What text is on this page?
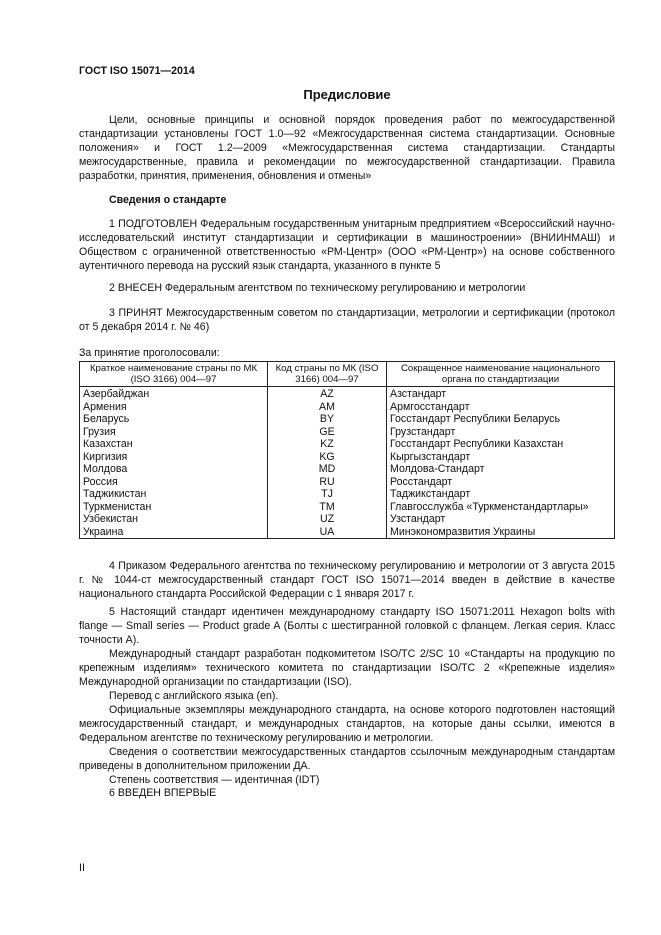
ГОСТ ISO 15071—2014
Предисловие

Цели, основные принципы и основной порядок проведения работ по межгосударственной стандартизации установлены ГОСТ 1.0—92 «Межгосударственная система стандартизации. Основные положения» и ГОСТ 1.2—2009 «Межгосударственная система стандартизации. Стандарты межгосударственные, правила и рекомендации по межгосударственной стандартизации. Правила разработки, принятия, применения, обновления и отмены»

Сведения о стандарте

1 ПОДГОТОВЛЕН Федеральным государственным унитарным предприятием «Всероссийский научно-исследовательский институт стандартизации и сертификации в машиностроении» (ВНИИНМАШ) и Обществом с ограниченной ответственностью «РМ-Центр» (ООО «РМ-Центр») на основе собственного аутентичного перевода на русский язык стандарта, указанного в пункте 5

2 ВНЕСЕН Федеральным агентством по техническому регулированию и метрологии

3 ПРИНЯТ Межгосударственным советом по стандартизации, метрологии и сертификации (протокол от 5 декабря 2014 г. № 46)

За принятие проголосовали:
Краткое наименование страны по МК (ISO 3166) 004—97	Код страны по МК (ISO 3166) 004—97	Сокращенное наименование национального органа по стандартизации
Азербайджан	AZ	Азстандарт
Армения	AM	Армгосстандарт
Беларусь	BY	Госстандарт Республики Беларусь
Грузия	GE	Грузстандарт
Казахстан	KZ	Госстандарт Республики Казахстан
Киргизия	KG	Кыргызстандарт
Молдова	MD	Молдова-Стандарт
Россия	RU	Росстандарт
Таджикистан	TJ	Таджикстандарт
Туркменистан	TM	Главгосслужба «Туркменстандартлары»
Узбекистан	UZ	Узстандарт
Украина	UA	Минэкономразвития Украины

4 Приказом Федерального агентства по техническому регулированию и метрологии от 3 августа 2015 г. № 1044-ст межгосударственный стандарт ГОСТ ISO 15071—2014 введен в действие в качестве национального стандарта Российской Федерации с 1 января 2017 г.

5 Настоящий стандарт идентичен международному стандарту ISO 15071:2011 Hexagon bolts with flange — Small series — Product grade A (Болты с шестигранной головкой с фланцем. Легкая серия. Класс точности А).

Международный стандарт разработан подкомитетом ISO/TC 2/SC 10 «Стандарты на продукцию по крепежным изделиям» технического комитета по стандартизации ISO/TC 2 «Крепежные изделия» Международной организации по стандартизации (ISO).

Перевод с английского языка (en).

Официальные экземпляры международного стандарта, на основе которого подготовлен настоящий межгосударственный стандарт, и международных стандартов, на которые даны ссылки, имеются в Федеральном агентстве по техническому регулированию и метрологии.

Сведения о соответствии межгосударственных стандартов ссылочным международным стандартам приведены в дополнительном приложении ДА.

Степень соответствия — идентичная (IDT)

6 ВВЕДЕН ВПЕРВЫЕ
II
